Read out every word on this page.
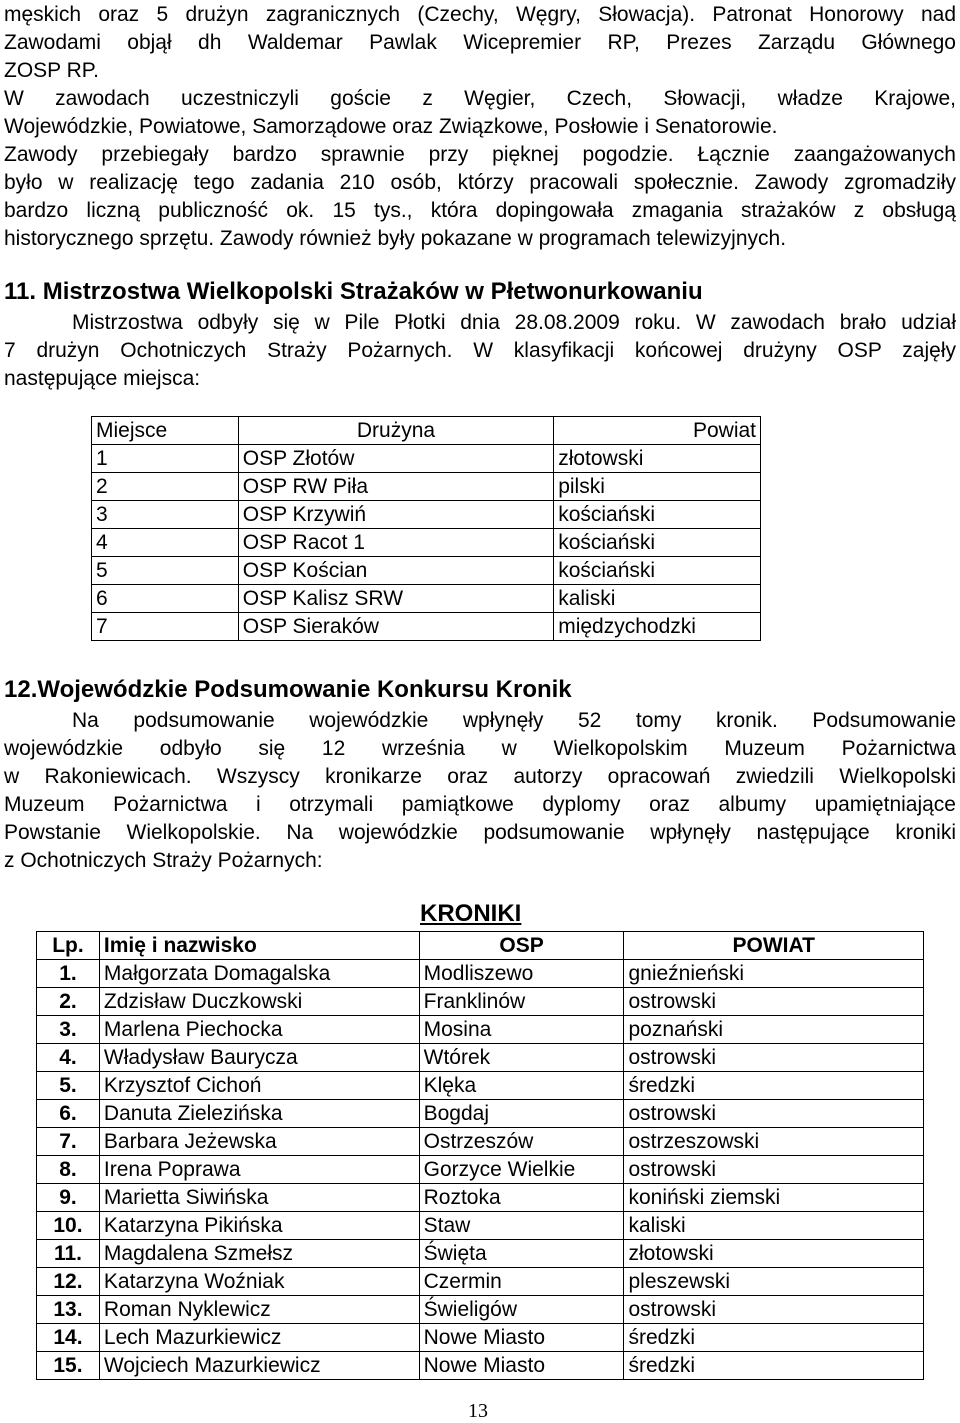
męskich oraz 5 drużyn zagranicznych (Czechy, Węgry, Słowacja). Patronat Honorowy nad
Zawodami objął dh Waldemar Pawlak Wicepremier RP, Prezes Zarządu Głównego
ZOSP RP.
W zawodach uczestniczyli goście z Węgier, Czech, Słowacji, władze Krajowe,
Wojewódzkie, Powiatowe, Samorządowe oraz Związkowe, Posłowie i Senatorowie.
Zawody przebiegały bardzo sprawnie przy pięknej pogodzie. Łącznie zaangażowanych
było w realizację tego zadania 210 osób, którzy pracowali społecznie. Zawody zgromadziły
bardzo liczną publiczność ok. 15 tys., która dopingowała zmagania strażaków z obsługą
historycznego sprzętu. Zawody również były pokazane w programach telewizyjnych.
11. Mistrzostwa Wielkopolski Strażaków w Płetwonurkowaniu
Mistrzostwa odbyły się w Pile Płotki dnia 28.08.2009 roku. W zawodach brało udział
7 drużyn Ochotniczych Straży Pożarnych. W klasyfikacji końcowej drużyny OSP zajęły
następujące miejsca:
Miejsce	Drużyna	Powiat
1	OSP Złotów	złotowski
2	OSP RW Piła	pilski
3	OSP Krzywiń	kościański
4	OSP Racot 1	kościański
5	OSP Kościan	kościański
6	OSP Kalisz SRW	kaliski
7	OSP Sieraków	międzychodzki
12.Wojewódzkie Podsumowanie Konkursu Kronik
Na podsumowanie wojewódzkie wpłynęły 52 tomy kronik. Podsumowanie
wojewódzkie odbyło się 12 września w Wielkopolskim Muzeum Pożarnictwa
w Rakoniewicach. Wszyscy kronikarze oraz autorzy opracowań zwiedzili Wielkopolski
Muzeum Pożarnictwa i otrzymali pamiątkowe dyplomy oraz albumy upamiętniające
Powstanie Wielkopolskie. Na wojewódzkie podsumowanie wpłynęły następujące kroniki
z Ochotniczych Straży Pożarnych:
KRONIKI
Lp.	Imię i nazwisko	OSP	POWIAT
1.	Małgorzata Domagalska	Modliszewo	gnieźnieński
2.	Zdzisław Duczkowski	Franklinów	ostrowski
3.	Marlena Piechocka	Mosina	poznański
4.	Władysław Baurycza	Wtórek	ostrowski
5.	Krzysztof Cichoń	Klęka	średzki
6.	Danuta Zielezińska	Bogdaj	ostrowski
7.	Barbara Jeżewska	Ostrzeszów	ostrzeszowski
8.	Irena Poprawa	Gorzyce Wielkie	ostrowski
9.	Marietta Siwińska	Roztoka	koniński ziemski
10.	Katarzyna Pikińska	Staw	kaliski
11.	Magdalena Szmełsz	Święta	złotowski
12.	Katarzyna Woźniak	Czermin	pleszewski
13.	Roman Nyklewicz	Świeligów	ostrowski
14.	Lech Mazurkiewicz	Nowe Miasto	średzki
15.	Wojciech Mazurkiewicz	Nowe Miasto	średzki
13
